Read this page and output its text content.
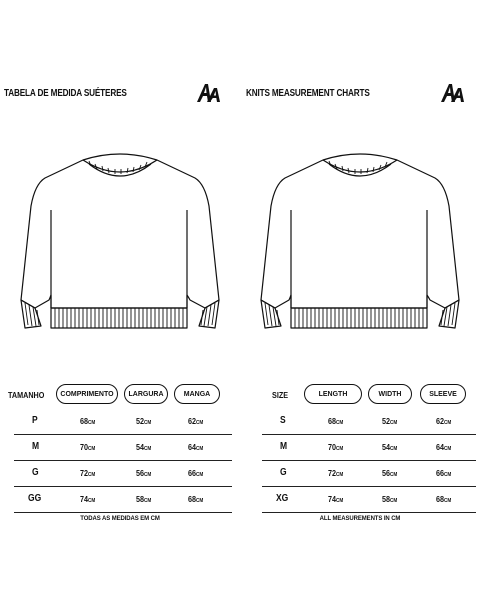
TABELA DE MEDIDA SUÉTERES
TAMANHO	COMPRIMENTO	LARGURA	MANGA
P	68CM	52CM	62CM
M	70CM	54CM	64CM
G	72CM	56CM	66CM
GG	74CM	58CM	68CM
TODAS AS MEDIDAS EM CM
KNITS MEASUREMENT CHARTS
SIZE	LENGTH	WIDTH	SLEEVE
S	68CM	52CM	62CM
M	70CM	54CM	64CM
G	72CM	56CM	66CM
XG	74CM	58CM	68CM
ALL MEASUREMENTS IN CM
